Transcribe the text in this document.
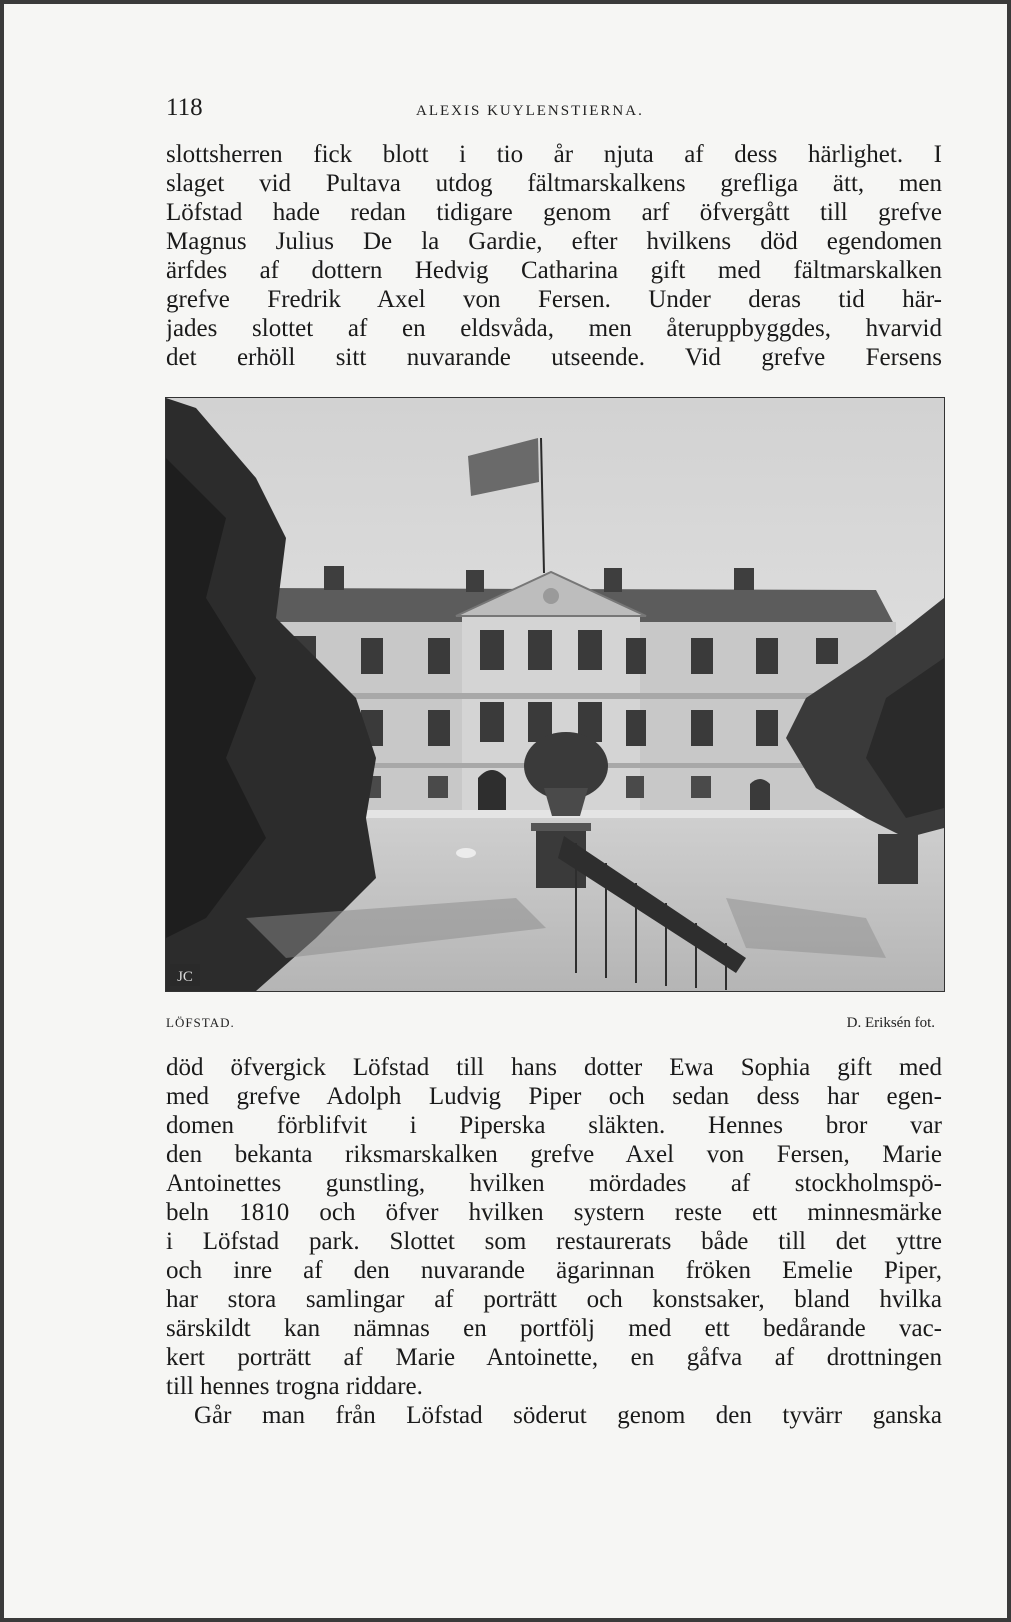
118	ALEXIS KUYLENSTIERNA.
slottsherren fick blott i tio år njuta af dess härlighet. I
slaget vid Pultava utdog fältmarskalkens grefliga ätt, men
Löfstad hade redan tidigare genom arf öfvergått till grefve
Magnus Julius De la Gardie, efter hvilkens död egendomen
ärfdes af dottern Hedvig Catharina gift med fältmarskalken
grefve Fredrik Axel von Fersen. Under deras tid här-
jades slottet af en eldsvåda, men återuppbyggdes, hvarvid
det erhöll sitt nuvarande utseende. Vid grefve Fersens
JC
LÖFSTAD.	D. Eriksén fot.
död öfvergick Löfstad till hans dotter Ewa Sophia gift med
med grefve Adolph Ludvig Piper och sedan dess har egen-
domen förblifvit i Piperska släkten. Hennes bror var
den bekanta riksmarskalken grefve Axel von Fersen, Marie
Antoinettes gunstling, hvilken mördades af stockholmspö-
beln 1810 och öfver hvilken systern reste ett minnesmärke
i Löfstad park. Slottet som restaurerats både till det yttre
och inre af den nuvarande ägarinnan fröken Emelie Piper,
har stora samlingar af porträtt och konstsaker, bland hvilka
särskildt kan nämnas en portfölj med ett bedårande vac-
kert porträtt af Marie Antoinette, en gåfva af drottningen
till hennes trogna riddare.
Går man från Löfstad söderut genom den tyvärr ganska
